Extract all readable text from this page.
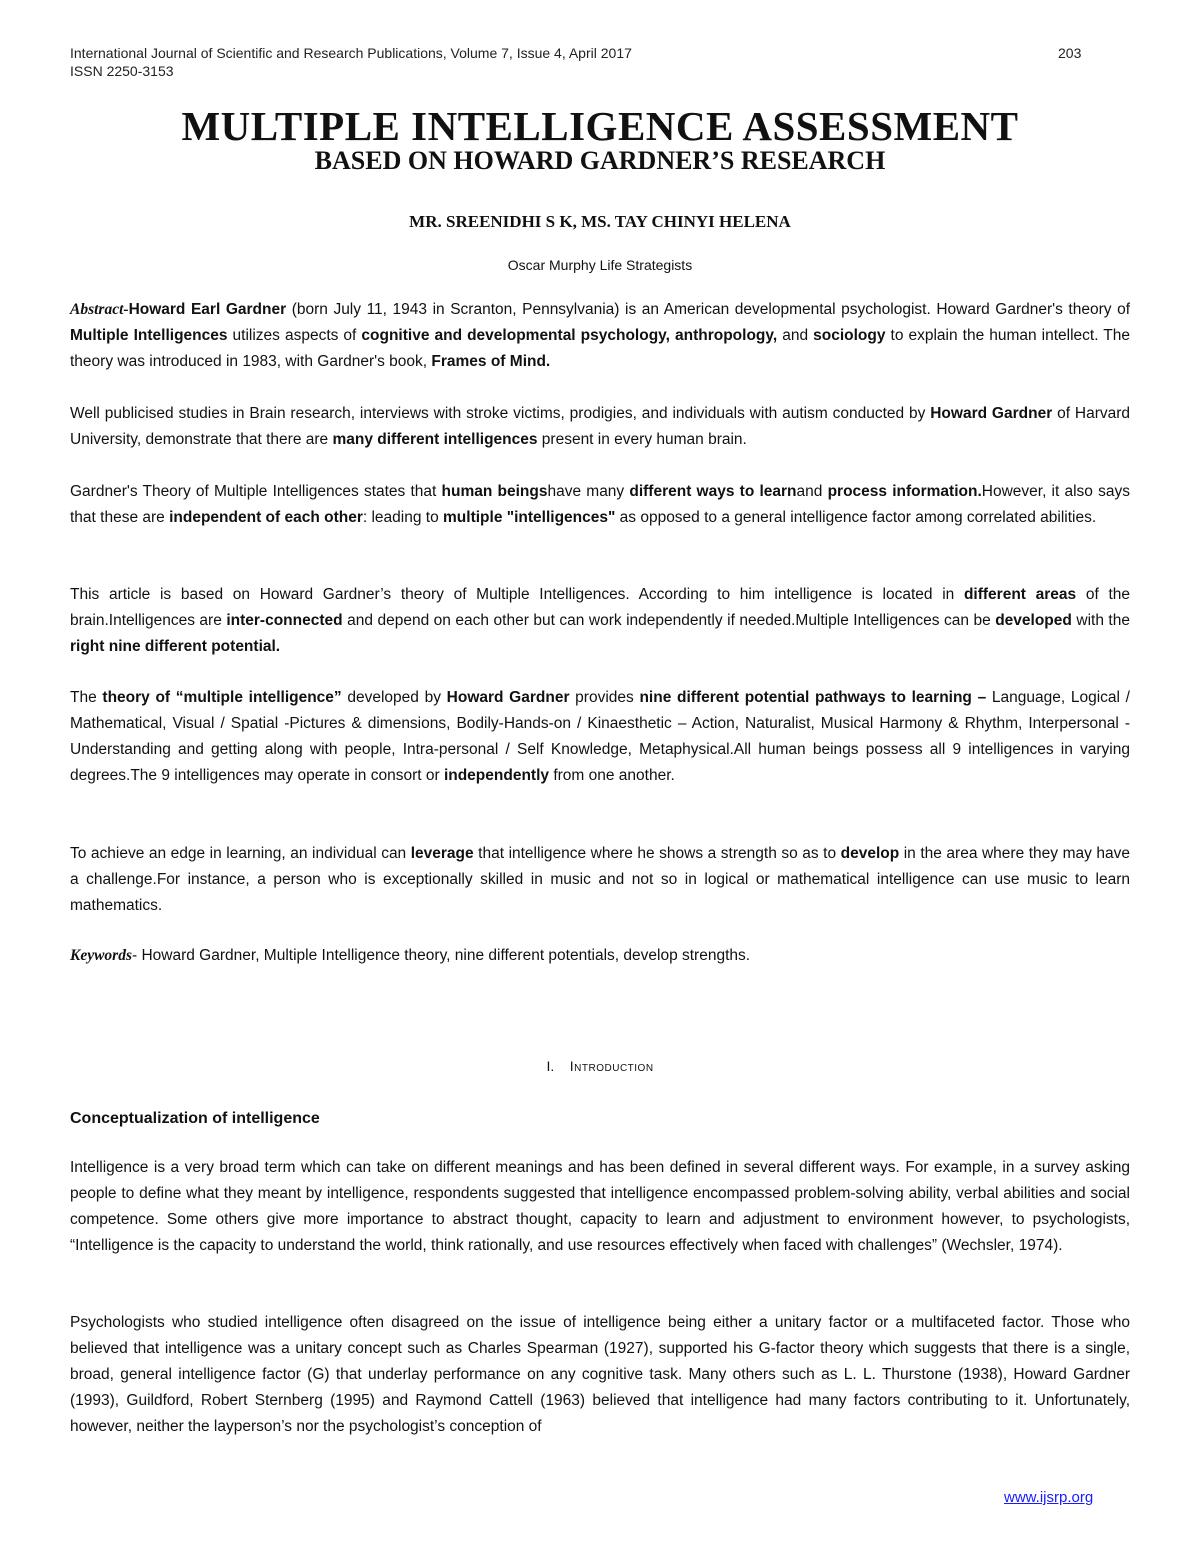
International Journal of Scientific and Research Publications, Volume 7, Issue 4, April 2017
ISSN 2250-3153
203
MULTIPLE INTELLIGENCE ASSESSMENT
BASED ON HOWARD GARDNER’S RESEARCH
MR. SREENIDHI S K, MS. TAY CHINYI HELENA
Oscar Murphy Life Strategists

Abstract-Howard Earl Gardner (born July 11, 1943 in Scranton, Pennsylvania) is an American developmental psychologist. Howard Gardner's theory of Multiple Intelligences utilizes aspects of cognitive and developmental psychology, anthropology, and sociology to explain the human intellect. The theory was introduced in 1983, with Gardner's book, Frames of Mind.

Well publicised studies in Brain research, interviews with stroke victims, prodigies, and individuals with autism conducted by Howard Gardner of Harvard University, demonstrate that there are many different intelligences present in every human brain.

Gardner's Theory of Multiple Intelligences states that human beingshave many different ways to learnand process information.However, it also says that these are independent of each other: leading to multiple "intelligences" as opposed to a general intelligence factor among correlated abilities.

This article is based on Howard Gardner’s theory of Multiple Intelligences. According to him intelligence is located in different areas of the brain.Intelligences are inter-connected and depend on each other but can work independently if needed.Multiple Intelligences can be developed with the right nine different potential.

The theory of “multiple intelligence” developed by Howard Gardner provides nine different potential pathways to learning – Language, Logical / Mathematical, Visual / Spatial -Pictures & dimensions, Bodily-Hands-on / Kinaesthetic – Action, Naturalist, Musical Harmony & Rhythm, Interpersonal - Understanding and getting along with people, Intra-personal / Self Knowledge, Metaphysical.All human beings possess all 9 intelligences in varying degrees.The 9 intelligences may operate in consort or independently from one another.

To achieve an edge in learning, an individual can leverage that intelligence where he shows a strength so as to develop in the area where they may have a challenge.For instance, a person who is exceptionally skilled in music and not so in logical or mathematical intelligence can use music to learn mathematics.

Keywords- Howard Gardner, Multiple Intelligence theory, nine different potentials, develop strengths.

I. Introduction
Conceptualization of intelligence

Intelligence is a very broad term which can take on different meanings and has been defined in several different ways. For example, in a survey asking people to define what they meant by intelligence, respondents suggested that intelligence encompassed problem-solving ability, verbal abilities and social competence. Some others give more importance to abstract thought, capacity to learn and adjustment to environment however, to psychologists, “Intelligence is the capacity to understand the world, think rationally, and use resources effectively when faced with challenges” (Wechsler, 1974).

Psychologists who studied intelligence often disagreed on the issue of intelligence being either a unitary factor or a multifaceted factor. Those who believed that intelligence was a unitary concept such as Charles Spearman (1927), supported his G-factor theory which suggests that there is a single, broad, general intelligence factor (G) that underlay performance on any cognitive task. Many others such as L. L. Thurstone (1938), Howard Gardner (1993), Guildford, Robert Sternberg (1995) and Raymond Cattell (1963) believed that intelligence had many factors contributing to it. Unfortunately, however, neither the layperson’s nor the psychologist’s conception of

www.ijsrp.org
